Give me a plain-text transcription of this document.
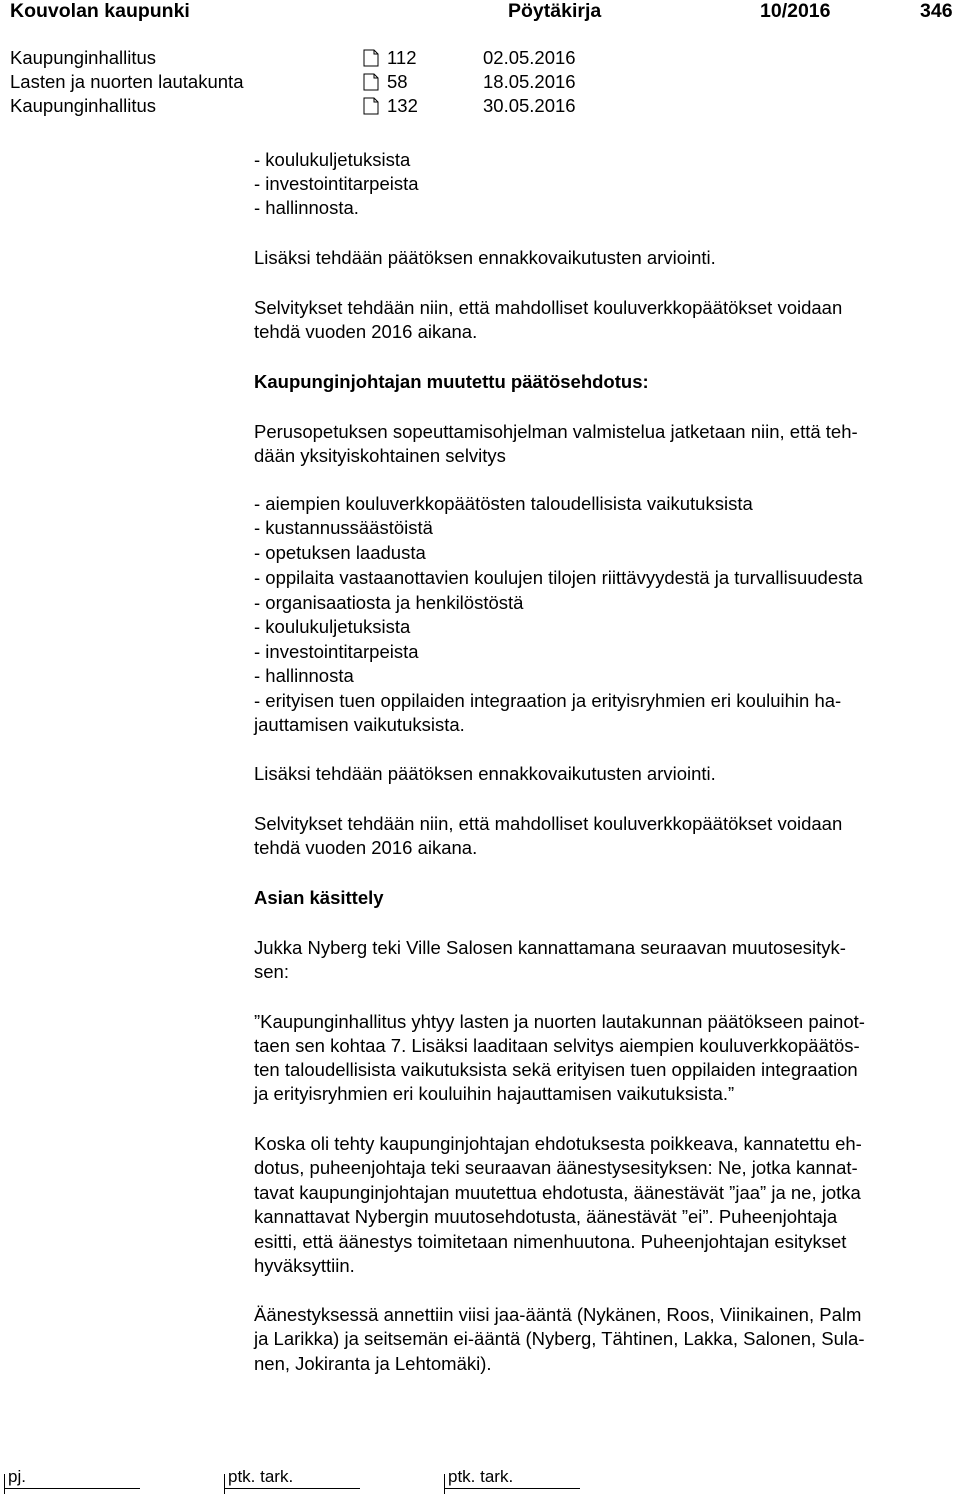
Kouvolan kaupunki	Pöytäkirja	10/2016	346
Kaupunginhallitus	112	02.05.2016
Lasten ja nuorten lautakunta	58	18.05.2016
Kaupunginhallitus	132	30.05.2016
- koulukuljetuksista
- investointitarpeista
- hallinnosta.
Lisäksi tehdään päätöksen ennakkovaikutusten arviointi.
Selvitykset tehdään niin, että mahdolliset kouluverkkopäätökset voidaan
tehdä vuoden 2016 aikana.
Kaupunginjohtajan muutettu päätösehdotus:
Perusopetuksen sopeuttamisohjelman valmistelua jatketaan niin, että teh-
dään yksityiskohtainen selvitys
- aiempien kouluverkkopäätösten taloudellisista vaikutuksista
- kustannussäästöistä
- opetuksen laadusta
- oppilaita vastaanottavien koulujen tilojen riittävyydestä ja turvallisuudesta
- organisaatiosta ja henkilöstöstä
- koulukuljetuksista
- investointitarpeista
- hallinnosta
- erityisen tuen oppilaiden integraation ja erityisryhmien eri kouluihin ha-
jauttamisen vaikutuksista.
Lisäksi tehdään päätöksen ennakkovaikutusten arviointi.
Selvitykset tehdään niin, että mahdolliset kouluverkkopäätökset voidaan
tehdä vuoden 2016 aikana.
Asian käsittely
Jukka Nyberg teki Ville Salosen kannattamana seuraavan muutosesityk-
sen:
”Kaupunginhallitus yhtyy lasten ja nuorten lautakunnan päätökseen painot-
taen sen kohtaa 7. Lisäksi laaditaan selvitys aiempien kouluverkkopäätös-
ten taloudellisista vaikutuksista sekä erityisen tuen oppilaiden integraation
ja erityisryhmien eri kouluihin hajauttamisen vaikutuksista.”
Koska oli tehty kaupunginjohtajan ehdotuksesta poikkeava, kannatettu eh-
dotus, puheenjohtaja teki seuraavan äänestysesityksen: Ne, jotka kannat-
tavat kaupunginjohtajan muutettua ehdotusta, äänestävät ”jaa” ja ne, jotka
kannattavat Nybergin muutosehdotusta, äänestävät ”ei”. Puheenjohtaja
esitti, että äänestys toimitetaan nimenhuutona. Puheenjohtajan esitykset
hyväksyttiin.
Äänestyksessä annettiin viisi jaa-ääntä (Nykänen, Roos, Viinikainen, Palm
ja Larikka) ja seitsemän ei-ääntä (Nyberg, Tähtinen, Lakka, Salonen, Sula-
nen, Jokiranta ja Lehtomäki).
pj.	ptk. tark.	ptk. tark.
